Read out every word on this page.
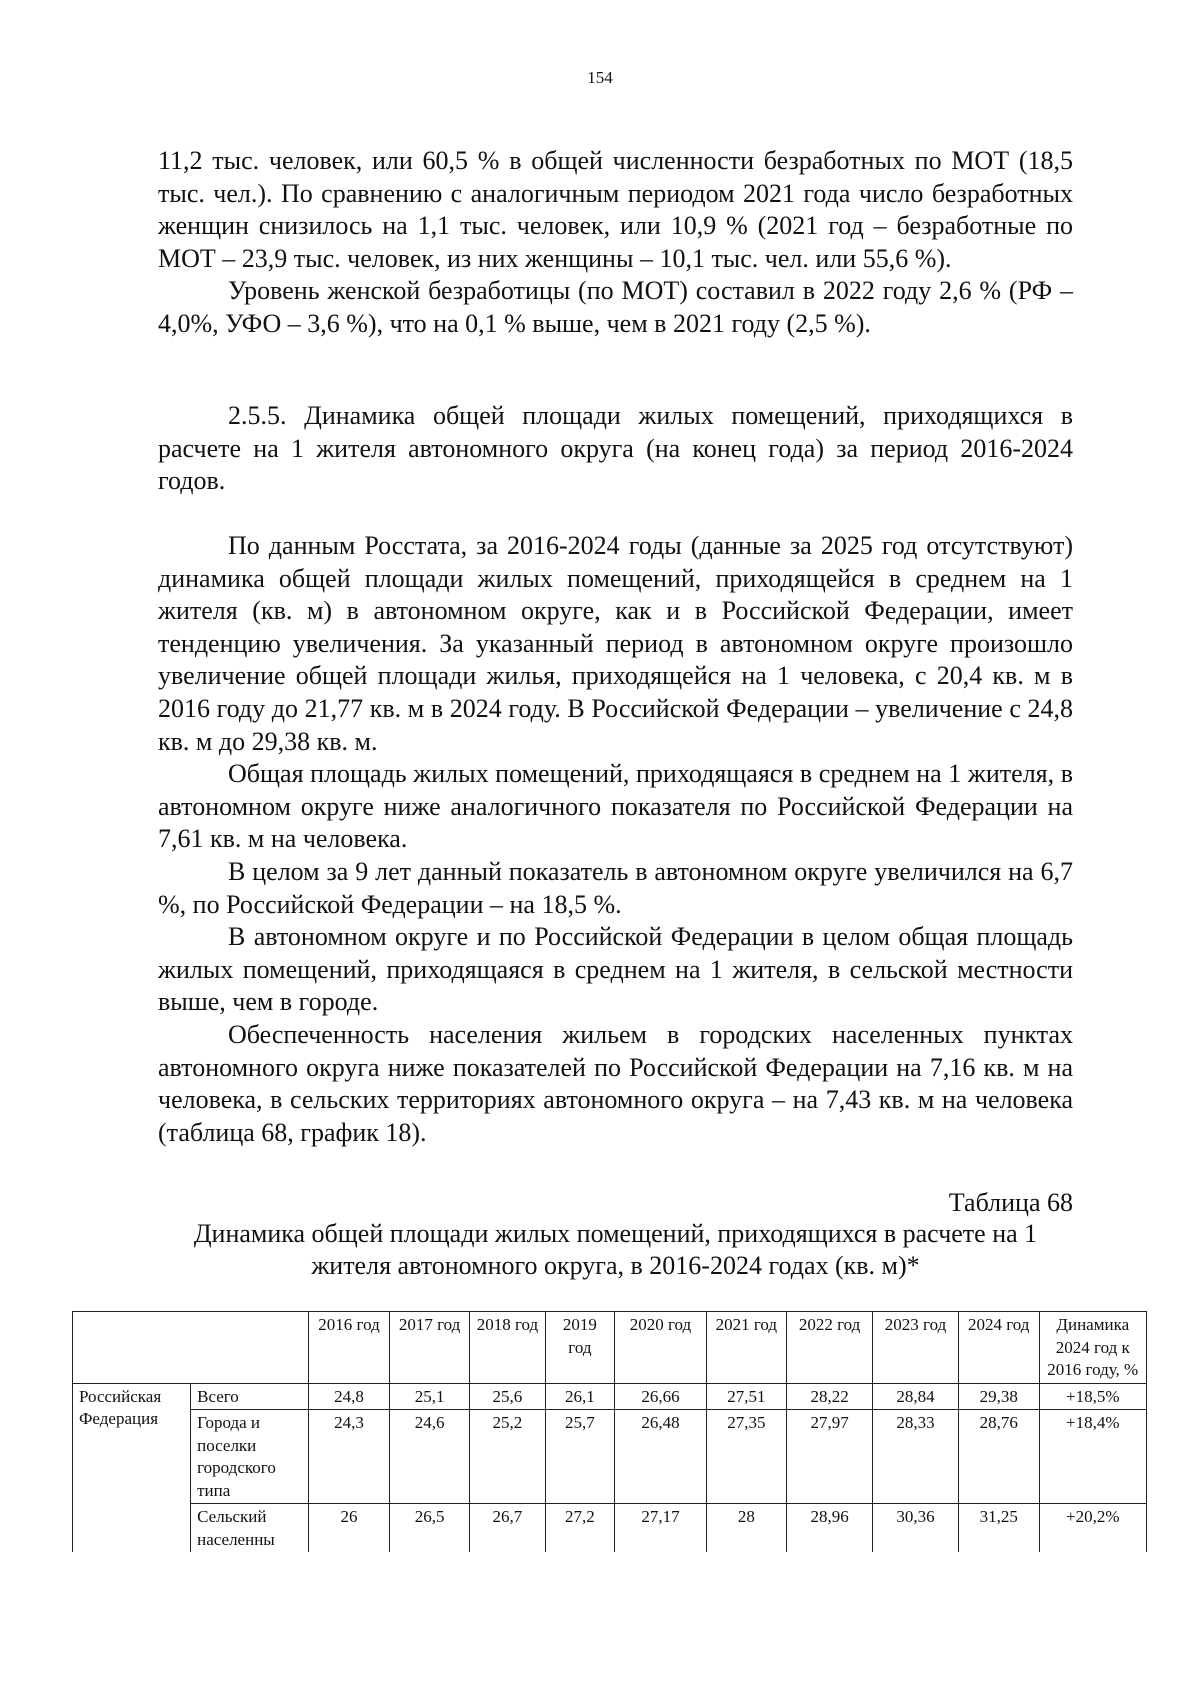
154

11,2 тыс. человек, или 60,5 % в общей численности безработных по МОТ (18,5 тыс. чел.). По сравнению с аналогичным периодом 2021 года число безработных женщин снизилось на 1,1 тыс. человек, или 10,9 % (2021 год – безработные по МОТ – 23,9 тыс. человек, из них женщины – 10,1 тыс. чел. или 55,6 %).

Уровень женской безработицы (по МОТ) составил в 2022 году 2,6 % (РФ – 4,0%, УФО – 3,6 %), что на 0,1 % выше, чем в 2021 году (2,5 %).

2.5.5. Динамика общей площади жилых помещений, приходящихся в расчете на 1 жителя автономного округа (на конец года) за период 2016-2024 годов.

По данным Росстата, за 2016-2024 годы (данные за 2025 год отсутствуют) динамика общей площади жилых помещений, приходящейся в среднем на 1 жителя (кв. м) в автономном округе, как и в Российской Федерации, имеет тенденцию увеличения. За указанный период в автономном округе произошло увеличение общей площади жилья, приходящейся на 1 человека, с 20,4 кв. м в 2016 году до 21,77 кв. м в 2024 году. В Российской Федерации – увеличение с 24,8 кв. м до 29,38 кв. м.

Общая площадь жилых помещений, приходящаяся в среднем на 1 жителя, в автономном округе ниже аналогичного показателя по Российской Федерации на 7,61 кв. м на человека.

В целом за 9 лет данный показатель в автономном округе увеличился на 6,7 %, по Российской Федерации – на 18,5 %.

В автономном округе и по Российской Федерации в целом общая площадь жилых помещений, приходящаяся в среднем на 1 жителя, в сельской местности выше, чем в городе.

Обеспеченность населения жильем в городских населенных пунктах автономного округа ниже показателей по Российской Федерации на 7,16 кв. м на человека, в сельских территориях автономного округа – на 7,43 кв. м на человека (таблица 68, график 18).

Таблица 68
Динамика общей площади жилых помещений, приходящихся в расчете на 1 жителя автономного округа, в 2016-2024 годах (кв. м)*
		2016 год	2017 год	2018 год	2019 год	2020 год	2021 год	2022 год	2023 год	2024 год	Динамика 2024 год к 2016 году, %
Российская Федерация	Всего	24,8	25,1	25,6	26,1	26,66	27,51	28,22	28,84	29,38	+18,5%
	Города и поселки городского типа	24,3	24,6	25,2	25,7	26,48	27,35	27,97	28,33	28,76	+18,4%
	Сельский населенны	26	26,5	26,7	27,2	27,17	28	28,96	30,36	31,25	+20,2%
